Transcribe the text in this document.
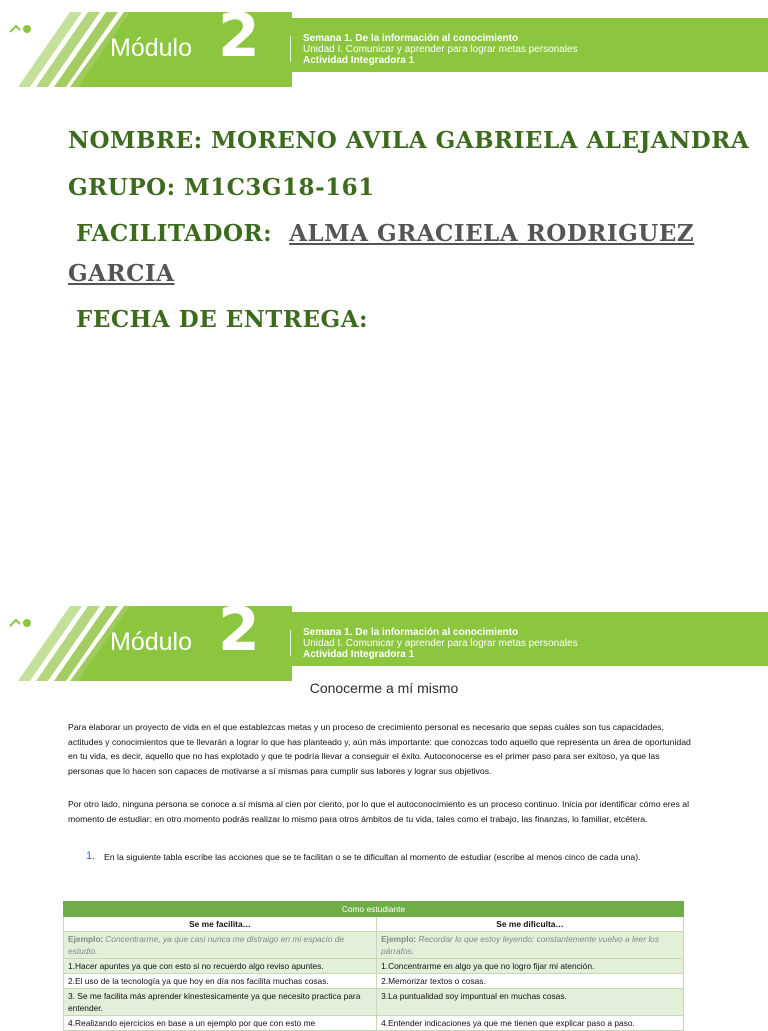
Módulo 2	Semana 1. De la información al conocimiento
Unidad I. Comunicar y aprender para lograr metas personales
Actividad Integradora 1
NOMBRE: MORENO AVILA GABRIELA ALEJANDRA
GRUPO: M1C3G18-161
FACILITADOR: ALMA GRACIELA RODRIGUEZ
GARCIA
FECHA DE ENTREGA:
Módulo 2	Semana 1. De la información al conocimiento
Unidad I. Comunicar y aprender para lograr metas personales
Actividad Integradora 1
Conocerme a mí mismo
Para elaborar un proyecto de vida en el que establezcas metas y un proceso de crecimiento personal es necesario que sepas cuáles son tus capacidades, actitudes y conocimientos que te llevarán a lograr lo que has planteado y, aún más importante: que conozcas todo aquello que representa un área de oportunidad en tu vida, es decir, aquello que no has explotado y que te podría llevar a conseguir el éxito. Autoconocerse es el primer paso para ser exitoso, ya que las personas que lo hacen son capaces de motivarse a sí mismas para cumplir sus labores y lograr sus objetivos.
Por otro lado, ninguna persona se conoce a sí misma al cien por ciento, por lo que el autoconocimiento es un proceso continuo. Inicia por identificar cómo eres al momento de estudiar; en otro momento podrás realizar lo mismo para otros ámbitos de tu vida, tales como el trabajo, las finanzas, lo familiar, etcétera.
1. En la siguiente tabla escribe las acciones que se te facilitan o se te dificultan al momento de estudiar (escribe al menos cinco de cada una).
Como estudiante	
Se me facilita…	Se me dificulta…
Ejemplo: Concentrarme, ya que casi nunca me distraigo en mi espacio de estudio.	Ejemplo: Recordar lo que estoy leyendo; constantemente vuelvo a leer los párrafos.
1.Hacer apuntes ya que con esto si no recuerdo algo reviso apuntes.	1.Concentrarme en algo ya que no logro fijar mi atención.
2.El uso de la tecnología ya que hoy en día nos facilita muchas cosas.	2.Memorizar textos o cosas.
3. Se me facilita más aprender kinestesicamente ya que necesito practica para entender.	3.La puntualidad soy impuntual en muchas cosas.
4.Realizando ejercicios en base a un ejemplo por que con esto me	4.Entender indicaciones ya que me tienen que explicar paso a paso.
